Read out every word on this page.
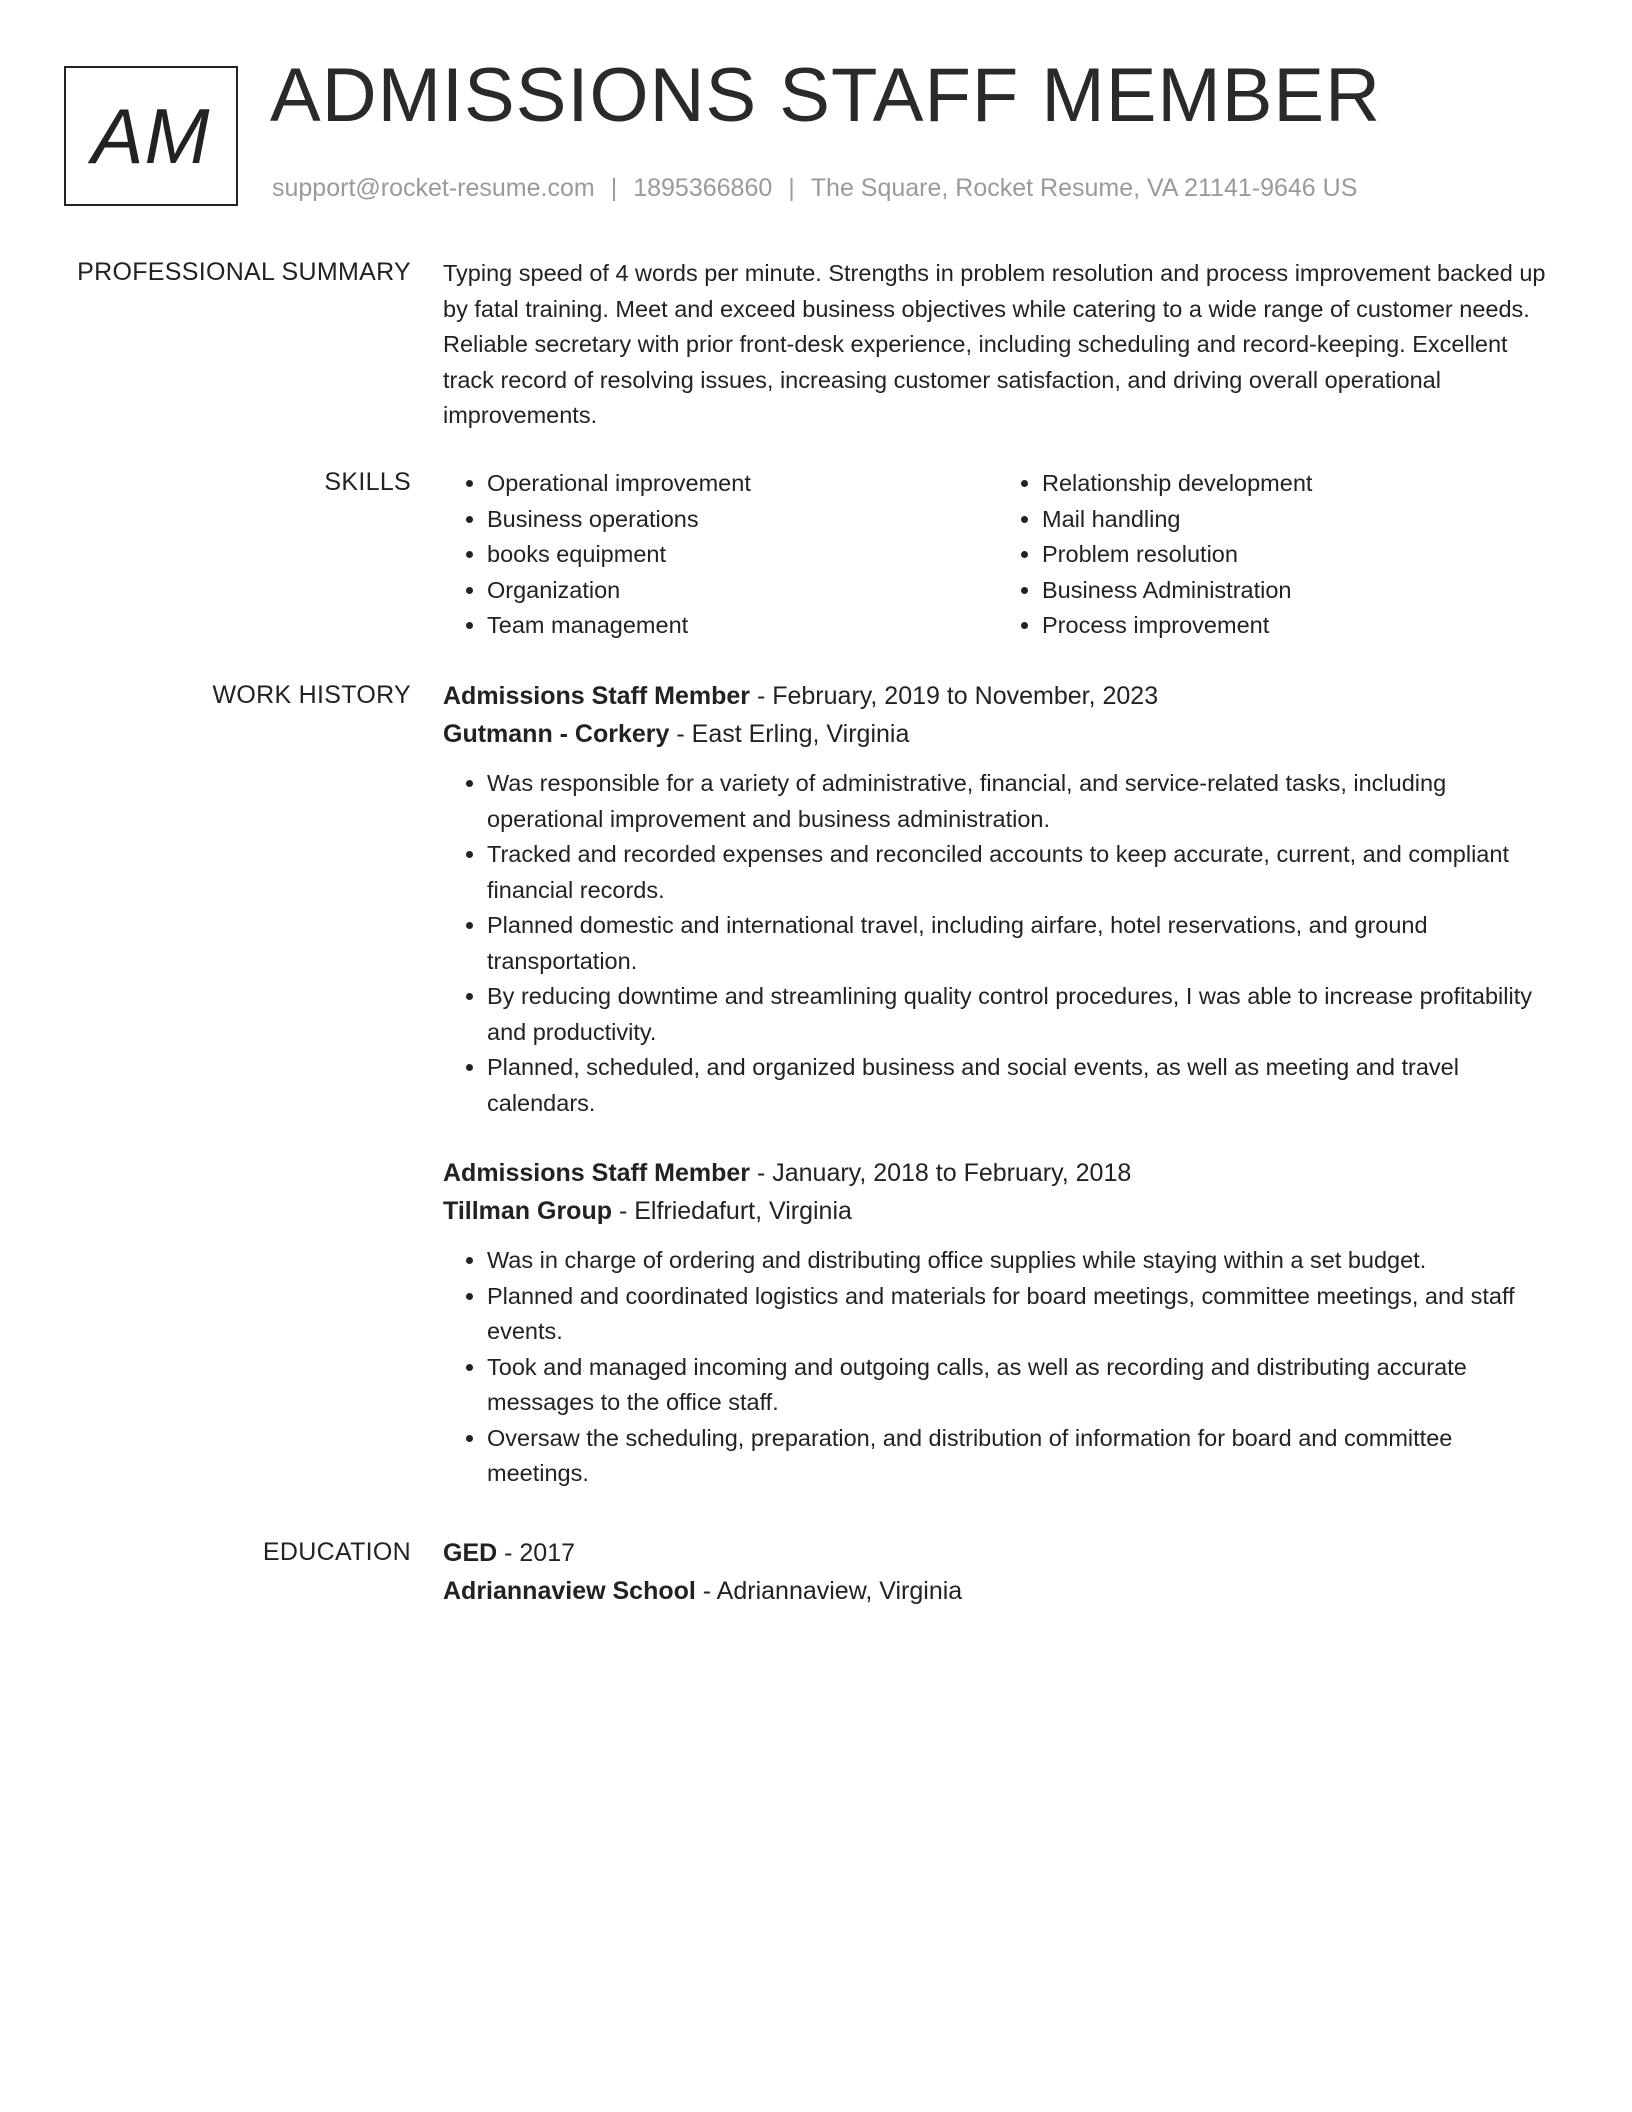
AM ADMISSIONS STAFF MEMBER
support@rocket-resume.com | 1895366860 | The Square, Rocket Resume, VA 21141-9646 US
PROFESSIONAL SUMMARY Typing speed of 4 words per minute. Strengths in problem resolution and process improvement backed up by fatal training. Meet and exceed business objectives while catering to a wide range of customer needs. Reliable secretary with prior front-desk experience, including scheduling and record-keeping. Excellent track record of resolving issues, increasing customer satisfaction, and driving overall operational improvements.

SKILLS
•	Operational improvement
• Business operations
• books equipment
• Organization
• Team management
• Relationship development
• Mail handling
• Problem resolution
• Business Administration
• Process improvement
WORK HISTORY Admissions Staff Member - February, 2019 to November, 2023
Gutmann - Corkery - East Erling, Virginia
• Was responsible for a variety of administrative, financial, and service-related tasks, including operational improvement and business administration.
• Tracked and recorded expenses and reconciled accounts to keep accurate, current, and compliant financial records.
• Planned domestic and international travel, including airfare, hotel reservations, and ground transportation.
• By reducing downtime and streamlining quality control procedures, I was able to increase profitability and productivity.
• Planned, scheduled, and organized business and social events, as well as meeting and travel calendars.
Admissions Staff Member - January, 2018 to February, 2018
Tillman Group - Elfriedafurt, Virginia
• Was in charge of ordering and distributing office supplies while staying within a set budget.
• Planned and coordinated logistics and materials for board meetings, committee meetings, and staff events.
• Took and managed incoming and outgoing calls, as well as recording and distributing accurate messages to the office staff.
• Oversaw the scheduling, preparation, and distribution of information for board and committee meetings.
EDUCATION GED - 2017
Adriannaview School - Adriannaview, Virginia
